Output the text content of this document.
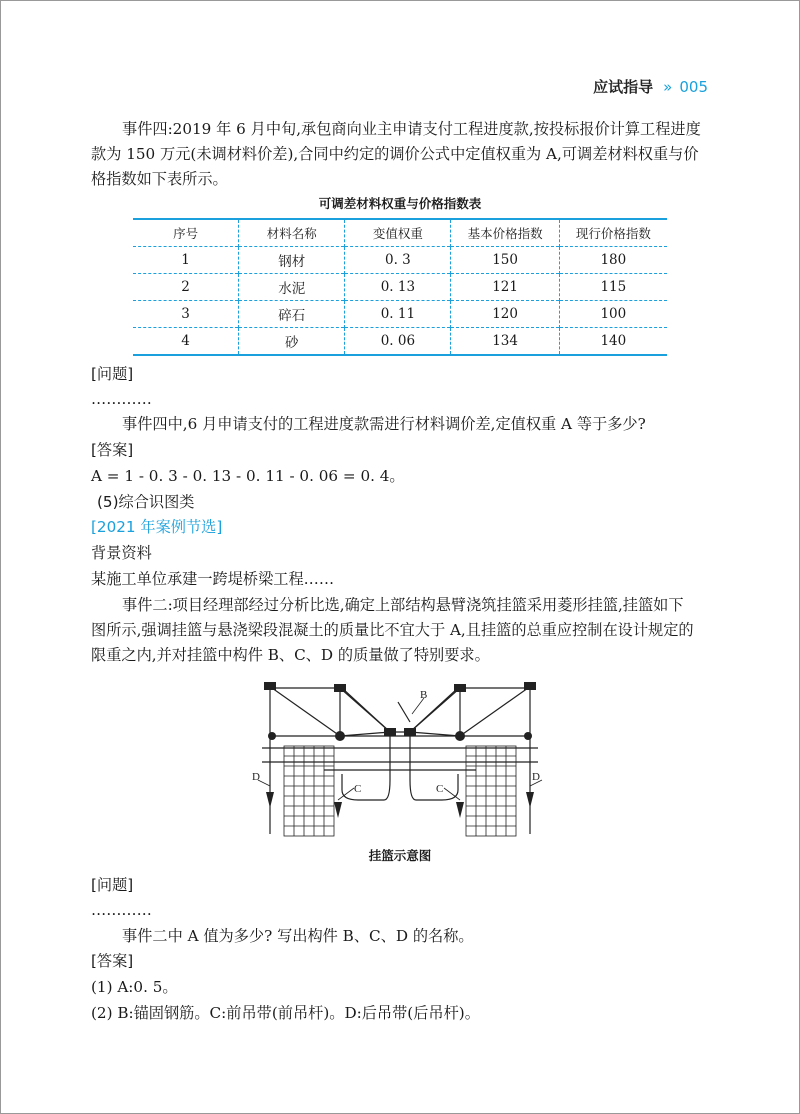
应试指导 » 005
事件四:2019 年 6 月中旬,承包商向业主申请支付工程进度款,按投标报价计算工程进度
款为 150 万元(未调材料价差),合同中约定的调价公式中定值权重为 A,可调差材料权重与价
格指数如下表所示。
可调差材料权重与价格指数表
序号	材料名称	变值权重	基本价格指数	现行价格指数
1	钢材	0. 3	150	180
2	水泥	0. 13	121	115
3	碎石	0. 11	120	100
4	砂	0. 06	134	140
[问题]
…………
事件四中,6 月申请支付的工程进度款需进行材料调价差,定值权重 A 等于多少?
[答案]
A = 1 - 0. 3 - 0. 13 - 0. 11 - 0. 06 = 0. 4。
(5)综合识图类
[2021 年案例节选]
背景资料
某施工单位承建一跨堤桥梁工程……
事件二:项目经理部经过分析比选,确定上部结构悬臂浇筑挂篮采用菱形挂篮,挂篮如下
图所示,强调挂篮与悬浇梁段混凝土的质量比不宜大于 A,且挂篮的总重应控制在设计规定的
限重之内,并对挂篮中构件 B、C、D 的质量做了特别要求。
B
C	C
D	D
挂篮示意图
[问题]
…………
事件二中 A 值为多少? 写出构件 B、C、D 的名称。
[答案]
(1) A:0. 5。
(2) B:锚固钢筋。C:前吊带(前吊杆)。D:后吊带(后吊杆)。
